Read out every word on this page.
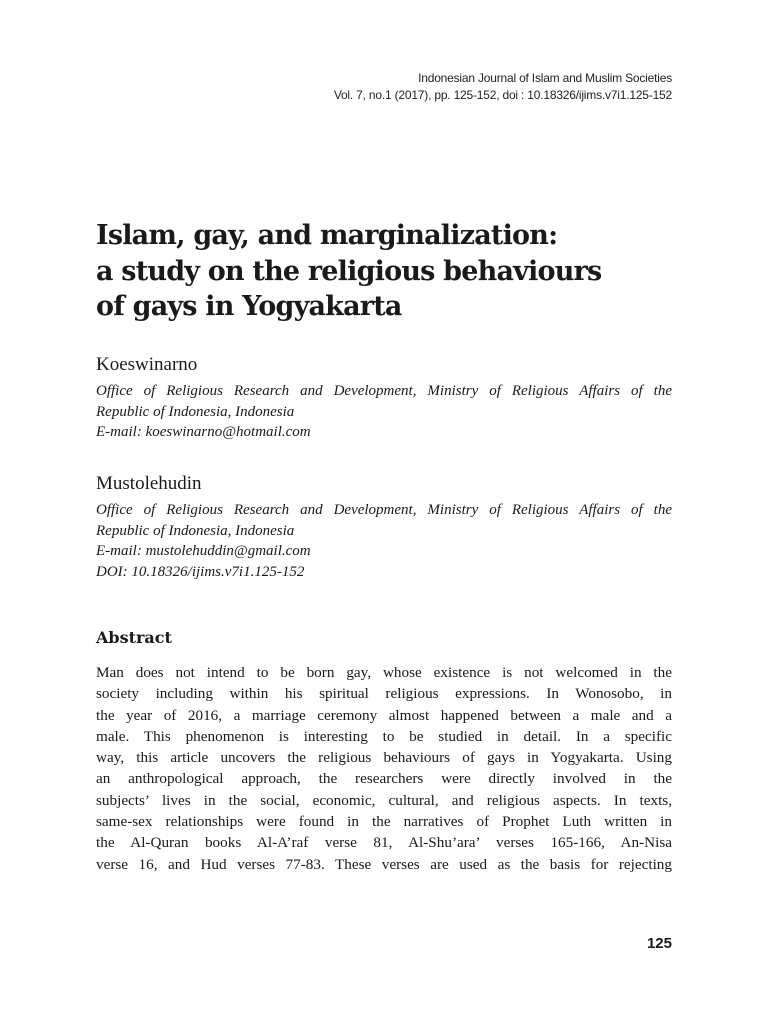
Indonesian Journal of Islam and Muslim Societies
Vol. 7, no.1 (2017), pp. 125-152, doi : 10.18326/ijims.v7i1.125-152
Islam, gay, and marginalization:
a study on the religious behaviours
of gays in Yogyakarta

Koeswinarno

Office of Religious Research and Development, Ministry of Religious Affairs of the
Republic of Indonesia, Indonesia
E-mail: koeswinarno@hotmail.com

Mustolehudin

Office of Religious Research and Development, Ministry of Religious Affairs of the
Republic of Indonesia, Indonesia
E-mail: mustolehuddin@gmail.com
DOI: 10.18326/ijims.v7i1.125-152

Abstract

Man does not intend to be born gay, whose existence is not welcomed in the
society including within his spiritual religious expressions. In Wonosobo, in
the year of 2016, a marriage ceremony almost happened between a male and a
male. This phenomenon is interesting to be studied in detail. In a specific
way, this article uncovers the religious behaviours of gays in Yogyakarta. Using
an anthropological approach, the researchers were directly involved in the
subjects’ lives in the social, economic, cultural, and religious aspects. In texts,
same-sex relationships were found in the narratives of Prophet Luth written in
the Al-Quran books Al-A’raf verse 81, Al-Shu’ara’ verses 165-166, An-Nisa
verse 16, and Hud verses 77-83. These verses are used as the basis for rejecting

125
